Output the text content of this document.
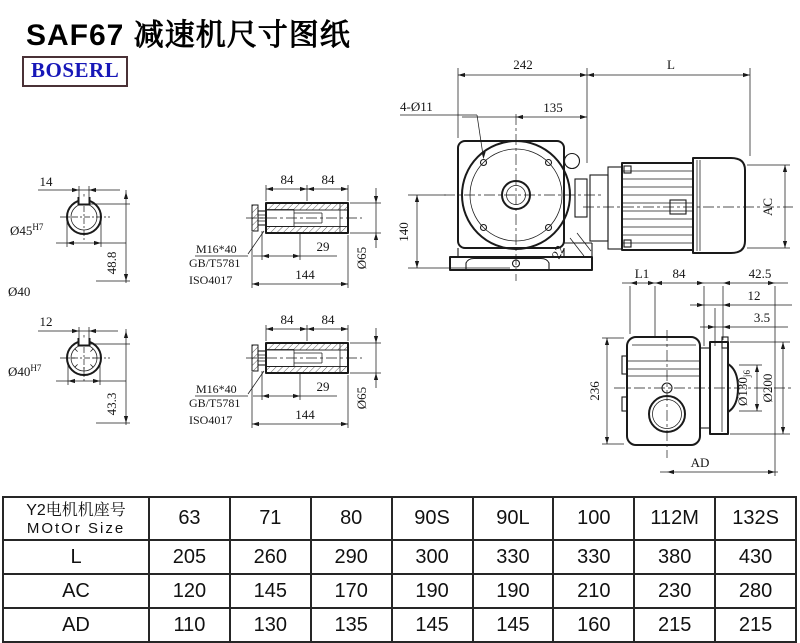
SAF67 减速机尺寸图纸
BOSERL
14
$Ø45^{H7}$
48.8
Ø40
12
$Ø40^{H7}$
43.3
84 84
29
144
Ø65
M16*40
GB/T5781
ISO4017
84 84
29
144
Ø65
M16*40
GB/T5781
ISO4017
22
242	L
135
4-Ø11
140
AC
236
L1 84	42.5
12
3.5
$Ø130_{j6}$ Ø200
AD
Y2电机机座号
MOtOr Size	63	71	80	90S	90L	100	112M	132S
L	205	260	290	300	330	330	380	430
AC	120	145	170	190	190	210	230	280
AD	110	130	135	145	145	160	215	215
